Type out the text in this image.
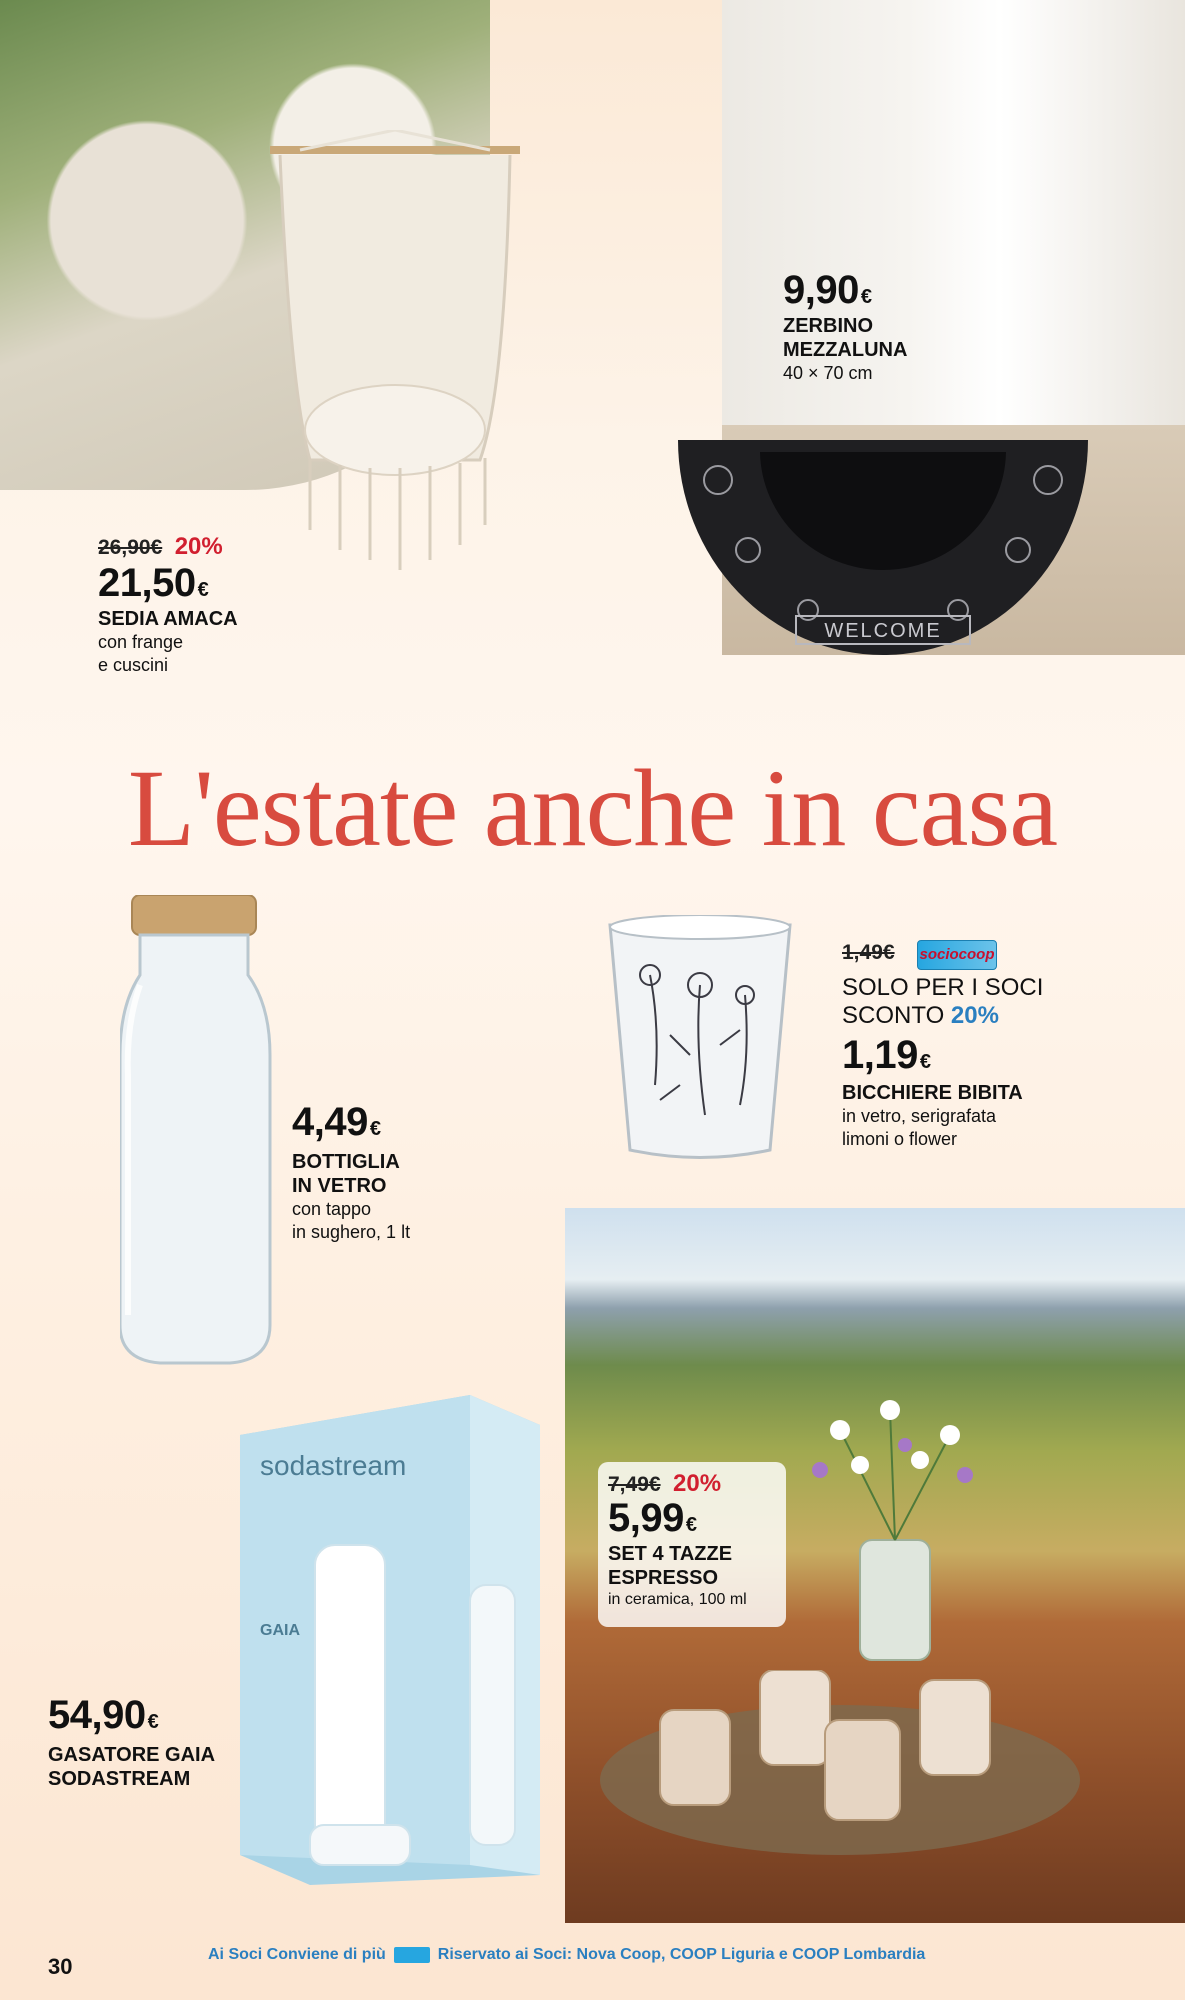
WELCOME
sodastream
GAIA
L'estate anche in casa
26,90€ 20%
21,50 €
SEDIA AMACA
con frange
e cuscini
9,90 €
ZERBINO
MEZZALUNA
40 × 70 cm
4,49 €
BOTTIGLIA
IN VETRO
con tappo
in sughero, 1 lt
1,49€ sociocoop
SOLO PER I SOCI
SCONTO 20%
1,19 €
BICCHIERE BIBITA
in vetro, serigrafata
limoni o flower
7,49€ 20%
5,99 €
SET 4 TAZZE
ESPRESSO
in ceramica, 100 ml
54,90 €
GASATORE GAIA
SODASTREAM
30	Ai Soci Conviene di più	Riservato ai Soci: Nova Coop, COOP Liguria e COOP Lombardia
